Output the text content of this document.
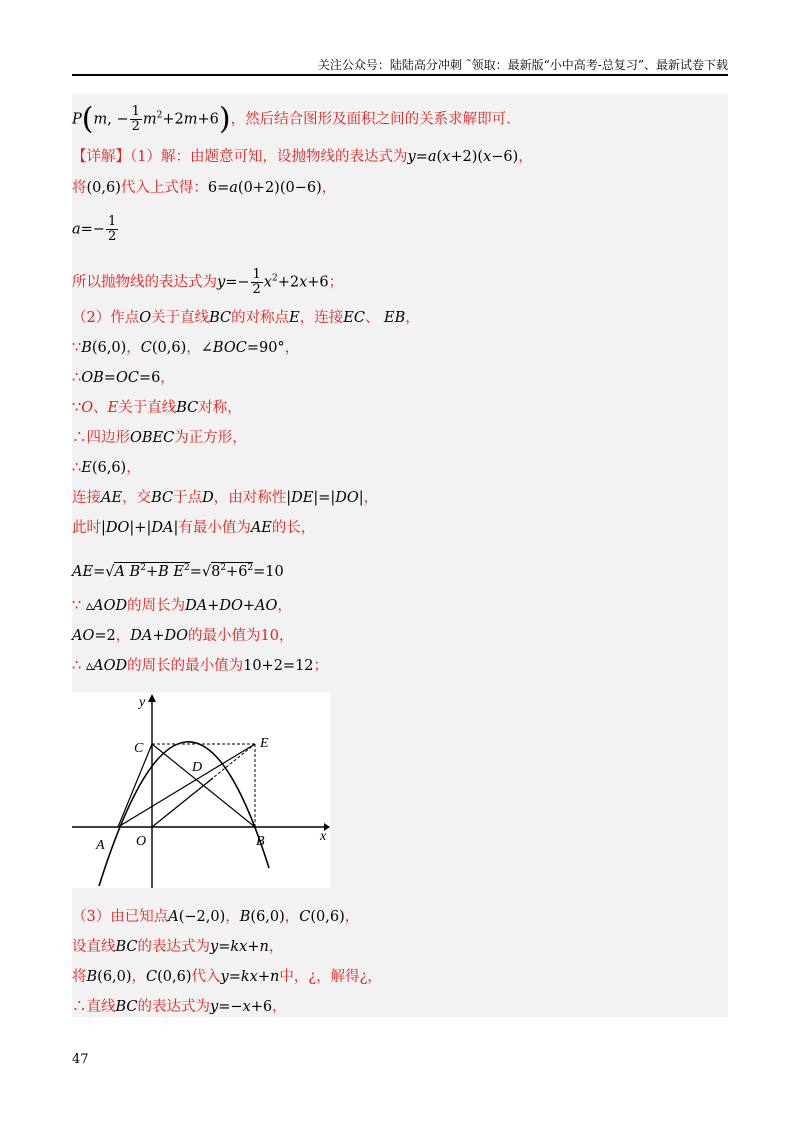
关注公众号：陆陆高分冲刺 ˜领取：最新版“小中高考-总复习”、最新试卷下载
P(m, − $\frac{1}{2} m^2+2m+6$)，然后结合图形及面积之间的关系求解即可．
【详解】（1）解：由题意可知，设抛物线的表达式为y=a(x+2)(x−6)，
将(0,6)代入上式得：6=a(0+2)(0−6)，
$a=- \frac{1}{2}$
所以抛物线的表达式为$y=- \frac{1}{2} x^2+2x+6$；
（2）作点O关于直线BC的对称点E，连接EC、 EB，
∵B(6,0)，C(0,6)，∠BOC=90°，
∴OB=OC=6，
∵O、E关于直线BC对称，
∴四边形OBEC为正方形，
∴E(6,6)，
连接AE，交BC于点D，由对称性|DE|=|DO|，
此时|DO|+|DA|有最小值为AE的长，
AE=√A $B^2+B$ $E^2=√8^2+6^2=10$
∵ ▵AOD的周长为DA+DO+AO，
AO=2，DA+DO的最小值为10，
∴ ▵AOD的周长的最小值为10+2=12；
y
x
A O	B
C
D
E
（3）由已知点A(−2,0)，B(6,0)，C(0,6)，
设直线BC的表达式为y=kx+n，
将B(6,0)，C(0,6)代入y=kx+n中，¿，解得¿，
∴直线BC的表达式为y=−x+6，
47
